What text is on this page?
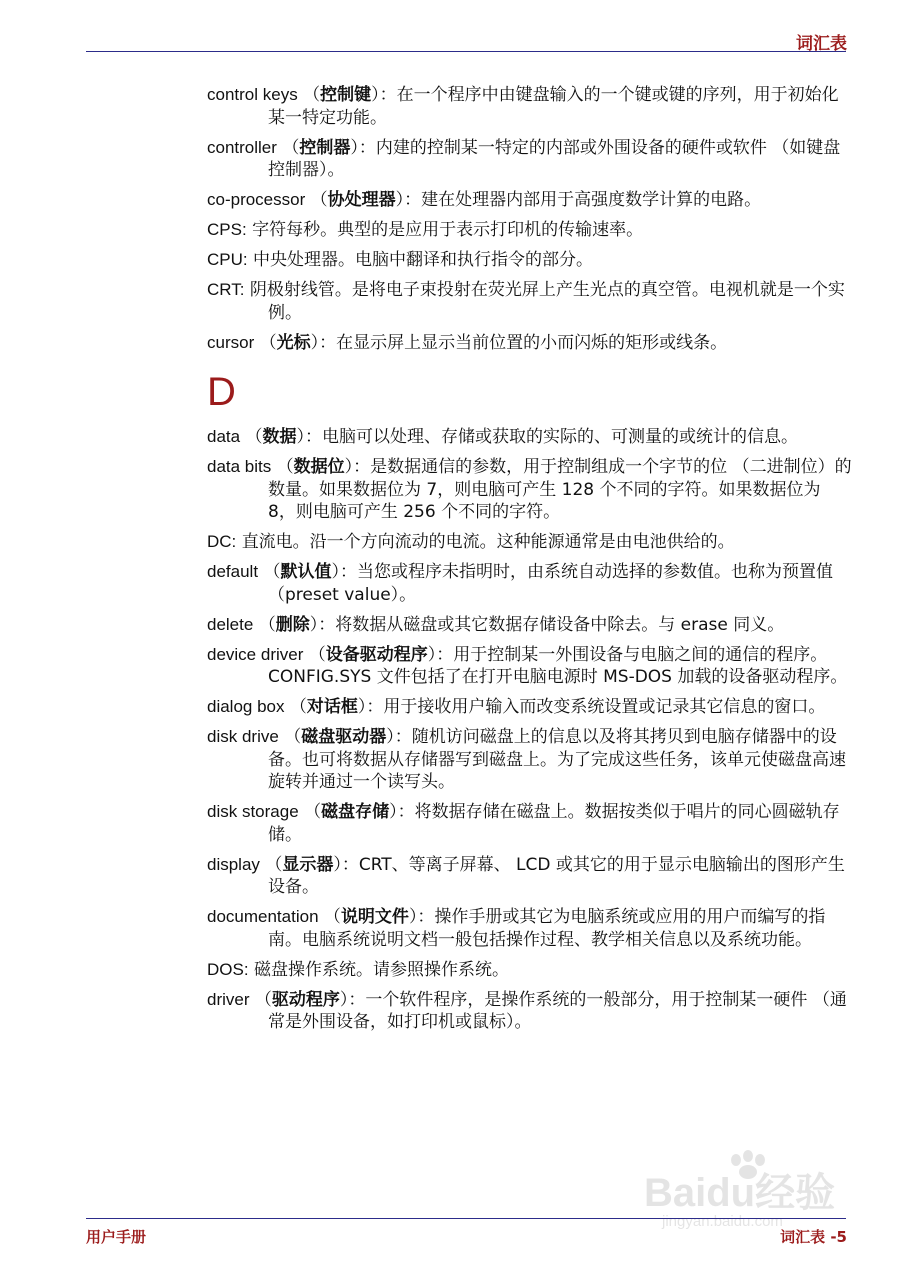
词汇表
control keys （控制键）：在一个程序中由键盘输入的一个键或键的序列，用于初始化某一特定功能。
controller （控制器）：内建的控制某一特定的内部或外围设备的硬件或软件 （如键盘控制器）。
co-processor （协处理器）：建在处理器内部用于高强度数学计算的电路。
CPS: 字符每秒。典型的是应用于表示打印机的传输速率。
CPU: 中央处理器。电脑中翻译和执行指令的部分。
CRT: 阴极射线管。是将电子束投射在荧光屏上产生光点的真空管。电视机就是一个实例。
cursor （光标）：在显示屏上显示当前位置的小而闪烁的矩形或线条。
D
data （数据）：电脑可以处理、存储或获取的实际的、可测量的或统计的信息。
data bits （数据位）：是数据通信的参数，用于控制组成一个字节的位 （二进制位）的数量。如果数据位为 7，则电脑可产生 128 个不同的字符。如果数据位为 8，则电脑可产生 256 个不同的字符。
DC: 直流电。沿一个方向流动的电流。这种能源通常是由电池供给的。
default （默认值）：当您或程序未指明时，由系统自动选择的参数值。也称为预置值 （preset value）。
delete （删除）：将数据从磁盘或其它数据存储设备中除去。与 erase 同义。
device driver （设备驱动程序）：用于控制某一外围设备与电脑之间的通信的程序。CONFIG.SYS 文件包括了在打开电脑电源时 MS-DOS 加载的设备驱动程序。
dialog box （对话框）：用于接收用户输入而改变系统设置或记录其它信息的窗口。
disk drive （磁盘驱动器）：随机访问磁盘上的信息以及将其拷贝到电脑存储器中的设备。也可将数据从存储器写到磁盘上。为了完成这些任务，该单元使磁盘高速旋转并通过一个读写头。
disk storage （磁盘存储）：将数据存储在磁盘上。数据按类似于唱片的同心圆磁轨存储。
display （显示器）：CRT、等离子屏幕、 LCD 或其它的用于显示电脑输出的图形产生设备。
documentation （说明文件）：操作手册或其它为电脑系统或应用的用户而编写的指南。电脑系统说明文档一般包括操作过程、教学相关信息以及系统功能。
DOS: 磁盘操作系统。请参照操作系统。
driver （驱动程序）：一个软件程序，是操作系统的一般部分，用于控制某一硬件 （通常是外围设备，如打印机或鼠标）。
Baidu经验
jingyan.baidu.com
用户手册	词汇表 -5
